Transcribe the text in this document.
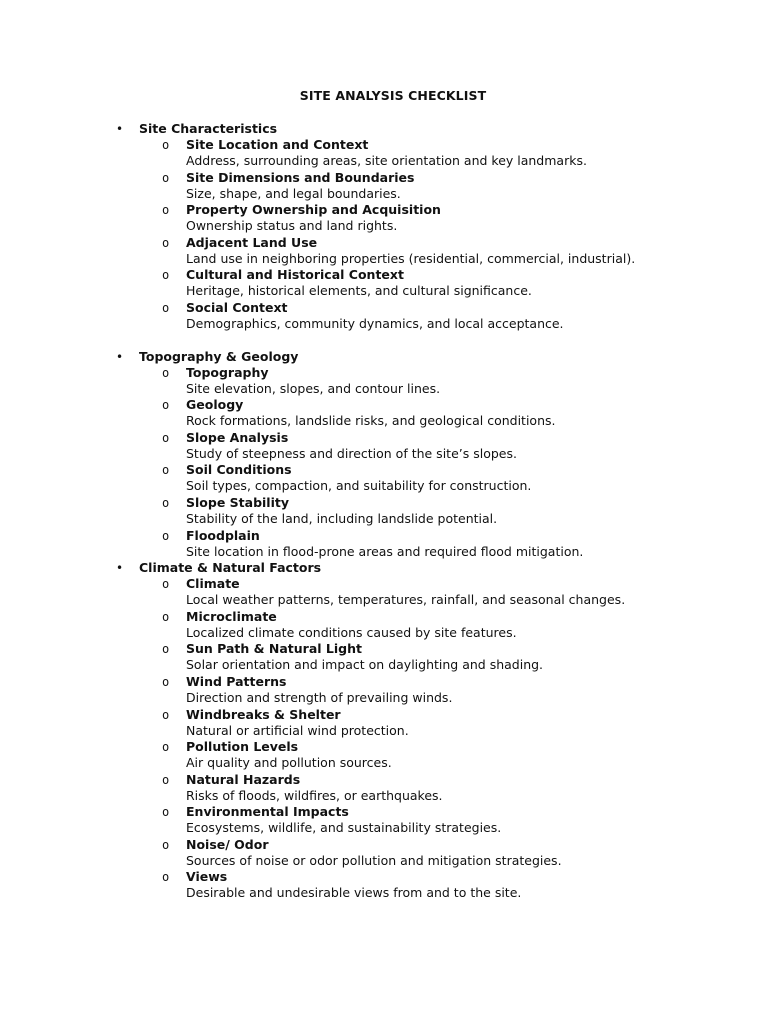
SITE ANALYSIS CHECKLIST
• Site Characteristics
o Site Location and Context
Address, surrounding areas, site orientation and key landmarks.
o Site Dimensions and Boundaries
Size, shape, and legal boundaries.
o Property Ownership and Acquisition
Ownership status and land rights.
o Adjacent Land Use
Land use in neighboring properties (residential, commercial, industrial).
o Cultural and Historical Context
Heritage, historical elements, and cultural significance.
o Social Context
Demographics, community dynamics, and local acceptance.
• Topography & Geology
o Topography
Site elevation, slopes, and contour lines.
o Geology
Rock formations, landslide risks, and geological conditions.
o Slope Analysis
Study of steepness and direction of the site’s slopes.
o Soil Conditions
Soil types, compaction, and suitability for construction.
o Slope Stability
Stability of the land, including landslide potential.
o Floodplain
Site location in flood-prone areas and required flood mitigation.
• Climate & Natural Factors
o Climate
Local weather patterns, temperatures, rainfall, and seasonal changes.
o Microclimate
Localized climate conditions caused by site features.
o Sun Path & Natural Light
Solar orientation and impact on daylighting and shading.
o Wind Patterns
Direction and strength of prevailing winds.
o Windbreaks & Shelter
Natural or artificial wind protection.
o Pollution Levels
Air quality and pollution sources.
o Natural Hazards
Risks of floods, wildfires, or earthquakes.
o Environmental Impacts
Ecosystems, wildlife, and sustainability strategies.
o Noise/ Odor
Sources of noise or odor pollution and mitigation strategies.
o Views
Desirable and undesirable views from and to the site.
